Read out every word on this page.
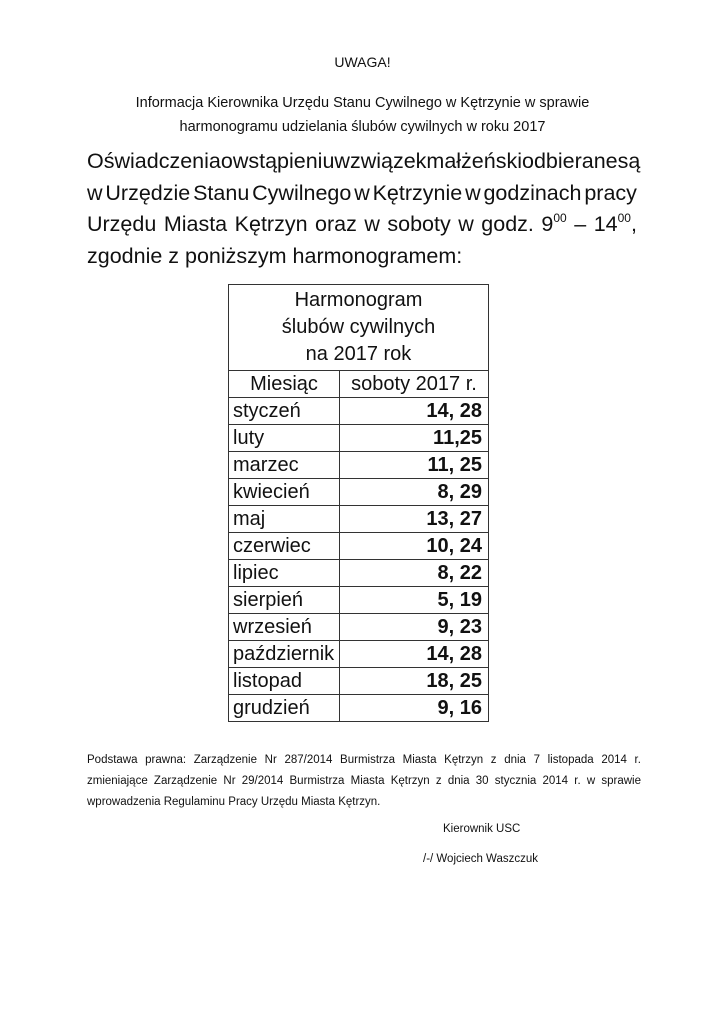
UWAGA!
Informacja Kierownika Urzędu Stanu Cywilnego w Kętrzynie w sprawie
harmonogramu udzielania ślubów cywilnych w roku 2017
Oświadczenia o wstąpieniu w związek małżeński odbierane są
w Urzędzie Stanu Cywilnego w Kętrzynie w godzinach pracy
Urzędu Miasta Kętrzyn oraz w soboty w godz. $9^{00} - 14^{00}$,
zgodnie z poniższym harmonogramem:
Harmonogram
ślubów cywilnych
na 2017 rok	

Miesiąc	soboty 2017 r.
styczeń	14, 28
luty	11,25
marzec	11, 25
kwiecień	8, 29
maj	13, 27
czerwiec	10, 24
lipiec	8, 22
sierpień	5, 19
wrzesień	9, 23
październik	14, 28
listopad	18, 25
grudzień	9, 16
Podstawa prawna: Zarządzenie Nr 287/2014 Burmistrza Miasta Kętrzyn z dnia 7 listopada 2014 r.
zmieniające Zarządzenie Nr 29/2014 Burmistrza Miasta Kętrzyn z dnia 30 stycznia 2014 r. w sprawie
wprowadzenia Regulaminu Pracy Urzędu Miasta Kętrzyn.
Kierownik USC
/-/ Wojciech Waszczuk
